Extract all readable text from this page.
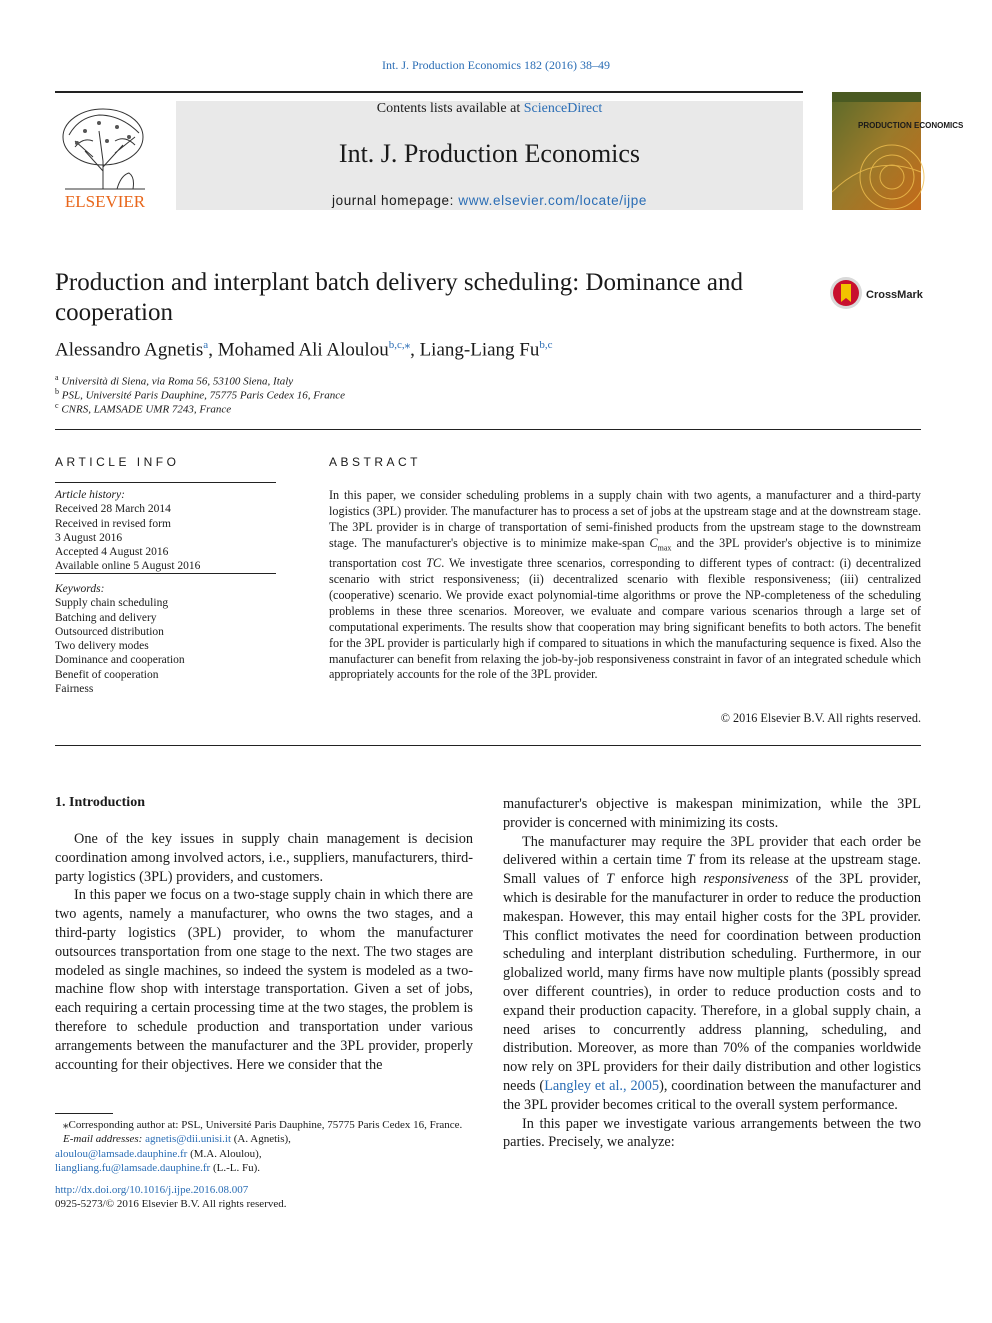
Int. J. Production Economics 182 (2016) 38–49
ELSEVIER
Contents lists available at ScienceDirect
Int. J. Production Economics
journal homepage: www.elsevier.com/locate/ijpe
PRODUCTION ECONOMICS
Production and interplant batch delivery scheduling: Dominance and cooperation
CrossMark
Alessandro Agnetis$^a$, Mohamed Ali Aloulou$^{b,c,⁎}$, Liang-Liang Fu$^{b,c}$
$^a$ Università di Siena, via Roma 56, 53100 Siena, Italy
$^b$ PSL, Université Paris Dauphine, 75775 Paris Cedex 16, France
$^c$ CNRS, LAMSADE UMR 7243, France
ARTICLE INFO
Article history:
Received 28 March 2014
Received in revised form
3 August 2016
Accepted 4 August 2016
Available online 5 August 2016
Keywords:
Supply chain scheduling
Batching and delivery
Outsourced distribution
Two delivery modes
Dominance and cooperation
Benefit of cooperation
Fairness
ABSTRACT
In this paper, we consider scheduling problems in a supply chain with two agents, a manufacturer and a third-party logistics (3PL) provider. The manufacturer has to process a set of jobs at the upstream stage and at the downstream stage. The 3PL provider is in charge of transportation of semi-finished products from the upstream stage to the downstream stage. The manufacturer's objective is to minimize make-span $C_{max}$ and the 3PL provider's objective is to minimize transportation cost TC. We investigate three scenarios, corresponding to different types of contract: (i) decentralized scenario with strict responsiveness; (ii) decentralized scenario with flexible responsiveness; (iii) centralized (cooperative) scenario. We provide exact polynomial-time algorithms or prove the NP-completeness of the scheduling problems in these three scenarios. Moreover, we evaluate and compare various scenarios through a large set of computational experiments. The results show that cooperation may bring significant benefits to both actors. The benefit for the 3PL provider is particularly high if compared to situations in which the manufacturing sequence is fixed. Also the manufacturer can benefit from relaxing the job-by-job responsiveness constraint in favor of an integrated schedule which appropriately accounts for the role of the 3PL provider.
© 2016 Elsevier B.V. All rights reserved.
1. Introduction

One of the key issues in supply chain management is decision coordination among involved actors, i.e., suppliers, manufacturers, third-party logistics (3PL) providers, and customers.

In this paper we focus on a two-stage supply chain in which there are two agents, namely a manufacturer, who owns the two stages, and a third-party logistics (3PL) provider, to whom the manufacturer outsources transportation from one stage to the next. The two stages are modeled as single machines, so indeed the system is modeled as a two-machine flow shop with interstage transportation. Given a set of jobs, each requiring a certain processing time at the two stages, the problem is therefore to schedule production and transportation under various arrangements between the manufacturer and the 3PL provider, properly accounting for their objectives. Here we consider that the

manufacturer's objective is makespan minimization, while the 3PL provider is concerned with minimizing its costs.

The manufacturer may require the 3PL provider that each order be delivered within a certain time T from its release at the upstream stage. Small values of T enforce high responsiveness of the 3PL provider, which is desirable for the manufacturer in order to reduce the production makespan. However, this may entail higher costs for the 3PL provider. This conflict motivates the need for coordination between production scheduling and interplant distribution scheduling. Furthermore, in our globalized world, many firms have now multiple plants (possibly spread over different countries), in order to reduce production costs and to expand their production capacity. Therefore, in a global supply chain, a need arises to concurrently address planning, scheduling, and distribution. Moreover, as more than 70% of the companies worldwide now rely on 3PL providers for their daily distribution and other logistics needs (Langley et al., 2005), coordination between the manufacturer and the 3PL provider becomes critical to the overall system performance.

In this paper we investigate various arrangements between the two parties. Precisely, we analyze:

⁎Corresponding author at: PSL, Université Paris Dauphine, 75775 Paris Cedex 16, France.
E-mail addresses: agnetis@dii.unisi.it (A. Agnetis),
aloulou@lamsade.dauphine.fr (M.A. Aloulou),
liangliang.fu@lamsade.dauphine.fr (L.-L. Fu).
http://dx.doi.org/10.1016/j.ijpe.2016.08.007
0925-5273/© 2016 Elsevier B.V. All rights reserved.
